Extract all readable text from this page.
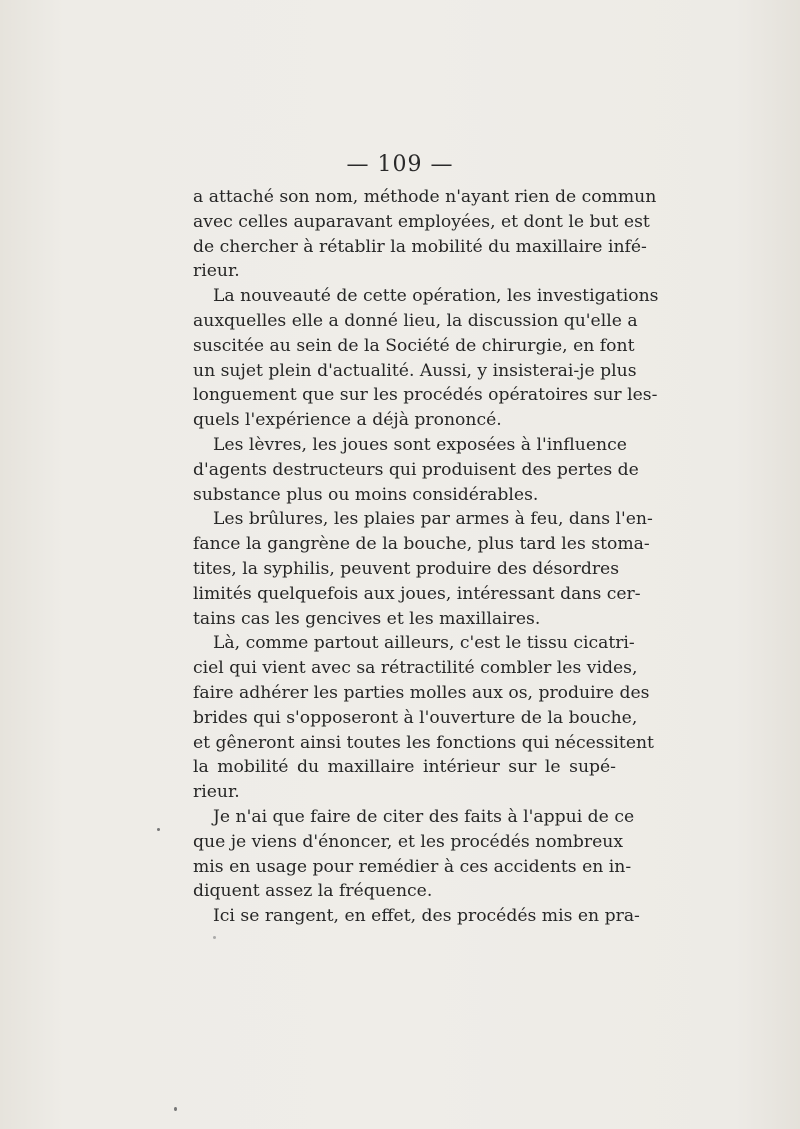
— 109 —
a attaché son nom, méthode n'ayant rien de commun
avec celles auparavant employées, et dont le but est
de chercher à rétablir la mobilité du maxillaire infé-
rieur.
La nouveauté de cette opération, les investigations
auxquelles elle a donné lieu, la discussion qu'elle a
suscitée au sein de la Société de chirurgie, en font
un sujet plein d'actualité. Aussi, y insisterai-je plus
longuement que sur les procédés opératoires sur les-
quels l'expérience a déjà prononcé.
Les lèvres, les joues sont exposées à l'influence
d'agents destructeurs qui produisent des pertes de
substance plus ou moins considérables.
Les brûlures, les plaies par armes à feu, dans l'en-
fance la gangrène de la bouche, plus tard les stoma-
tites, la syphilis, peuvent produire des désordres
limités quelquefois aux joues, intéressant dans cer-
tains cas les gencives et les maxillaires.
Là, comme partout ailleurs, c'est le tissu cicatri-
ciel qui vient avec sa rétractilité combler les vides,
faire adhérer les parties molles aux os, produire des
brides qui s'opposeront à l'ouverture de la bouche,
et gêneront ainsi toutes les fonctions qui nécessitent
la mobilité du maxillaire intérieur sur le supé-
rieur.
Je n'ai que faire de citer des faits à l'appui de ce
que je viens d'énoncer, et les procédés nombreux
mis en usage pour remédier à ces accidents en in-
diquent assez la fréquence.
Ici se rangent, en effet, des procédés mis en pra-
